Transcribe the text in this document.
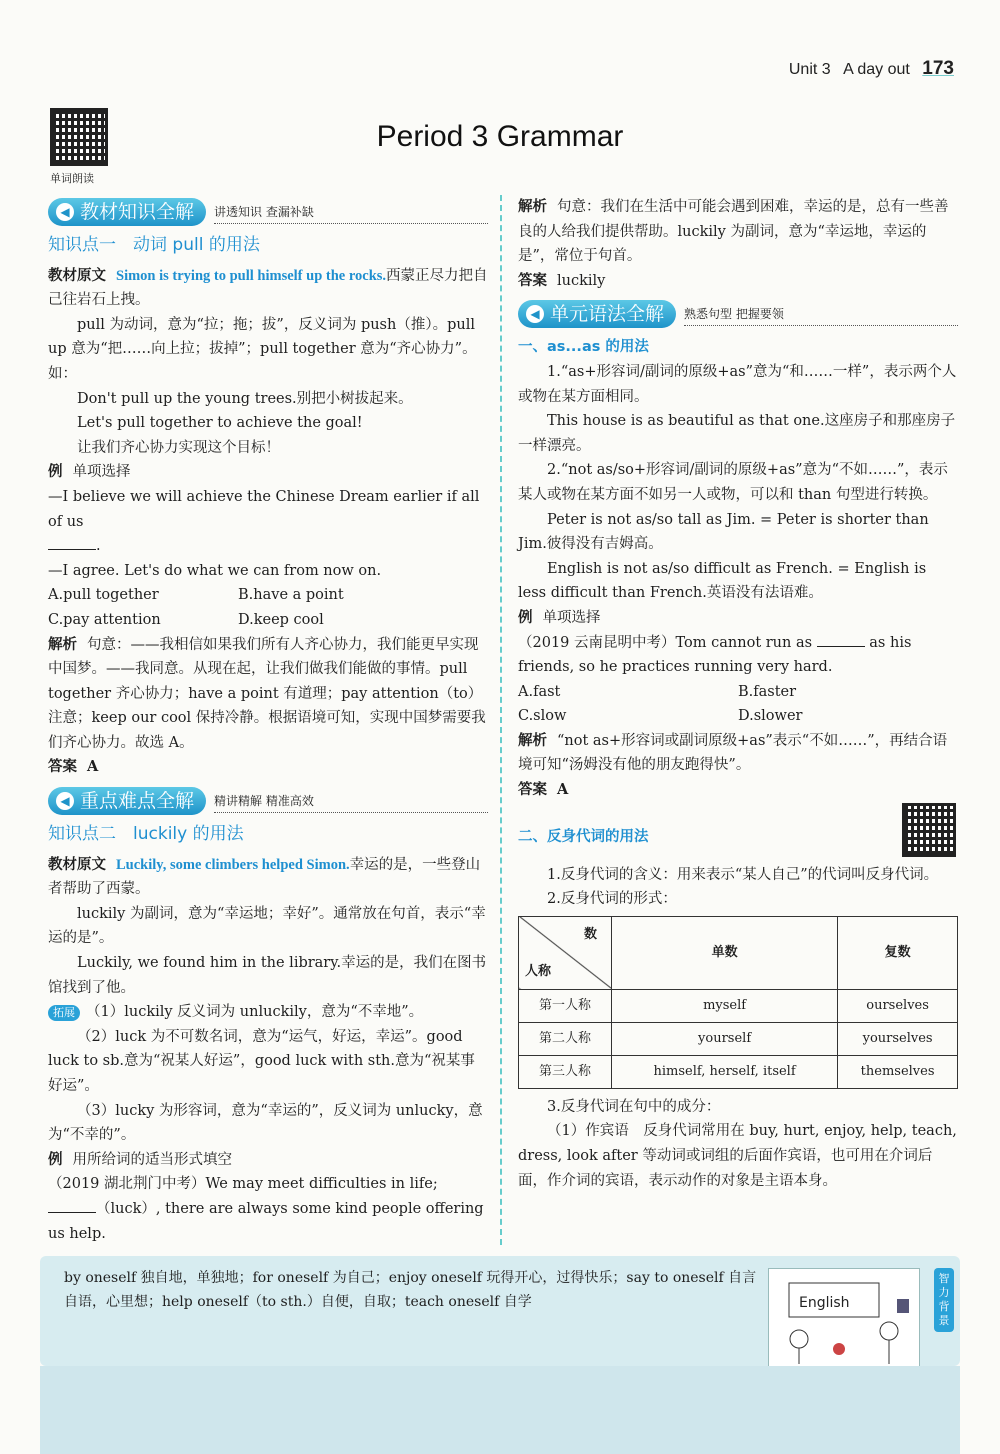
Unit 3 A day out 173
单词朗读
Period 3 Grammar
◀ 教材知识全解 讲透知识 查漏补缺
知识点一　动词 pull 的用法

教材原文 Simon is trying to pull himself up the rocks.西蒙正尽力把自己往岩石上拽。

pull 为动词，意为“拉；拖；拔”，反义词为 push（推）。pull up 意为“把……向上拉；拔掉”；pull together 意为“齐心协力”。如：

Don't pull up the young trees.别把小树拔起来。

Let's pull together to achieve the goal!

让我们齐心协力实现这个目标！

例 单项选择

—I believe we will achieve the Chinese Dream earlier if all of us

.

—I agree. Let's do what we can from now on.

A.pull together	B.have a point
C.pay attention	D.keep cool

解析 句意：——我相信如果我们所有人齐心协力，我们能更早实现中国梦。——我同意。从现在起，让我们做我们能做的事情。pull together 齐心协力；have a point 有道理；pay attention（to）注意；keep our cool 保持冷静。根据语境可知，实现中国梦需要我们齐心协力。故选 A。

答案 A

◀ 重点难点全解 精讲精解 精准高效
知识点二　luckily 的用法

教材原文 Luckily, some climbers helped Simon.幸运的是，一些登山者帮助了西蒙。

luckily 为副词，意为“幸运地；幸好”。通常放在句首，表示“幸运的是”。

Luckily, we found him in the library.幸运的是，我们在图书馆找到了他。

拓展 （1）luckily 反义词为 unluckily，意为“不幸地”。

（2）luck 为不可数名词，意为“运气，好运，幸运”。good luck to sb.意为“祝某人好运”，good luck with sth.意为“祝某事好运”。

（3）lucky 为形容词，意为“幸运的”，反义词为 unlucky，意为“不幸的”。

例 用所给词的适当形式填空

（2019 湖北荆门中考）We may meet difficulties in life;

（luck）, there are always some kind people offering us help.

解析 句意：我们在生活中可能会遇到困难，幸运的是，总有一些善良的人给我们提供帮助。luckily 为副词，意为“幸运地，幸运的是”，常位于句首。

答案 luckily

◀ 单元语法全解 熟悉句型 把握要领
一、as...as 的用法

1.“as+形容词/副词的原级+as”意为“和……一样”，表示两个人或物在某方面相同。

This house is as beautiful as that one.这座房子和那座房子一样漂亮。

2.“not as/so+形容词/副词的原级+as”意为“不如……”，表示某人或物在某方面不如另一人或物，可以和 than 句型进行转换。

Peter is not as/so tall as Jim. = Peter is shorter than Jim.彼得没有吉姆高。

English is not as/so difficult as French. = English is less difficult than French.英语没有法语难。

例 单项选择

（2019 云南昆明中考）Tom cannot run as	as his friends, so he practices running very hard.

A.fast	B.faster
C.slow	D.slower

解析 “not as+形容词或副词原级+as”表示“不如……”，再结合语境可知“汤姆没有他的朋友跑得快”。

答案 A

二、反身代词的用法

1.反身代词的含义：用来表示“某人自己”的代词叫反身代词。

2.反身代词的形式：

数
人称	单数	复数
第一人称	myself	ourselves
第二人称	yourself	yourselves
第三人称	himself, herself, itself	themselves

3.反身代词在句中的成分：

（1）作宾语　反身代词常用在 buy, hurt, enjoy, help, teach, dress, look after 等动词或词组的后面作宾语，也可用在介词后面，作介词的宾语，表示动作的对象是主语本身。

by oneself 独自地，单独地；for oneself 为自己；enjoy oneself 玩得开心，过得快乐；say to oneself 自言自语，心里想；help oneself（to sth.）自便，自取；teach oneself 自学	English
智力背景
